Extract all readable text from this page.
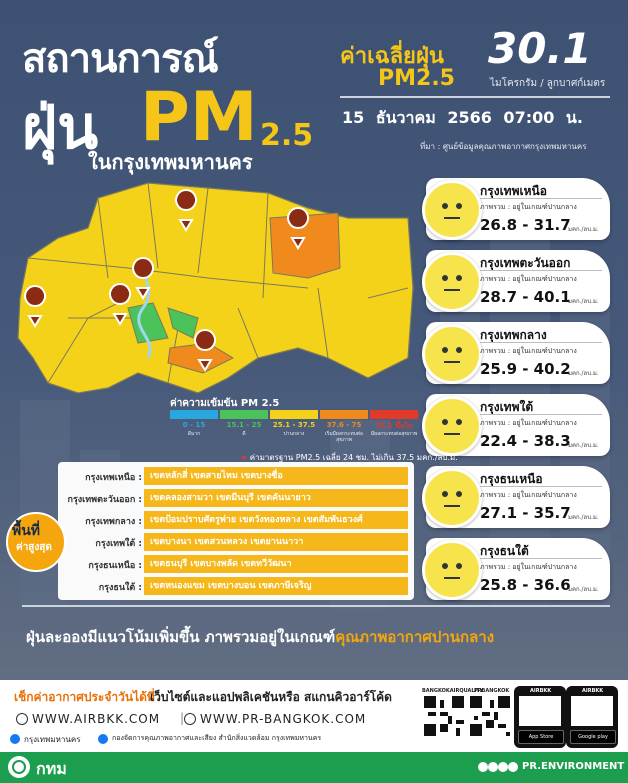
สถานการณ์
ฝุ่น PM 2.5
ในกรุงเทพมหานคร
ค่าเฉลี่ยฝุ่น
PM2.5
30.1
ไมโครกรัม / ลูกบาศก์เมตร
15 ธันวาคม 2566 07:00 น.
ที่มา : ศูนย์ข้อมูลคุณภาพอากาศกรุงเทพมหานคร
กรุงเทพเหนือ
ภาพรวม : อยู่ในเกณฑ์ปานกลาง
26.8 - 31.7
มคก./ลบ.ม.
กรุงเทพตะวันออก
ภาพรวม : อยู่ในเกณฑ์ปานกลาง
28.7 - 40.1
มคก./ลบ.ม.
กรุงเทพกลาง
ภาพรวม : อยู่ในเกณฑ์ปานกลาง
25.9 - 40.2
มคก./ลบ.ม.
กรุงเทพใต้
ภาพรวม : อยู่ในเกณฑ์ปานกลาง
22.4 - 38.3
มคก./ลบ.ม.
กรุงธนเหนือ
ภาพรวม : อยู่ในเกณฑ์ปานกลาง
27.1 - 35.7
มคก./ลบ.ม.
กรุงธนใต้
ภาพรวม : อยู่ในเกณฑ์ปานกลาง
25.8 - 36.6
มคก./ลบ.ม.
ค่าความเข้มข้น PM 2.5
0 - 15
ดีมาก
15.1 - 25
ดี
25.1 - 37.5
ปานกลาง
37.6 - 75
เริ่มมีผลกระทบต่อสุขภาพ
75.1 ขึ้นไป
มีผลกระทบต่อสุขภาพ
★ ค่ามาตรฐาน PM2.5 เฉลี่ย 24 ชม. ไม่เกิน 37.5 มคก./ลบ.ม.
กรุงเทพเหนือ : เขตหลักสี่ เขตสายไหม เขตบางซื่อ
กรุงเทพตะวันออก : เขตคลองสามวา เขตมีนบุรี เขตคันนายาว
กรุงเทพกลาง : เขตป้อมปราบศัตรูพ่าย เขตวังทองหลาง เขตสัมพันธวงศ์
กรุงเทพใต้ : เขตบางนา เขตสวนหลวง เขตยานนาวา
กรุงธนเหนือ : เขตธนบุรี เขตบางพลัด เขตทวีวัฒนา
กรุงธนใต้ : เขตหนองแขม เขตบางบอน เขตภาษีเจริญ
พื้นที่
ค่าสูงสุด
ฝุ่นละอองมีแนวโน้มเพิ่มขึ้น ภาพรวมอยู่ในเกณฑ์คุณภาพอากาศปานกลาง
เช็กค่าอากาศประจำวันได้ที่
เว็บไซต์และแอปพลิเคชันหรือ สแกนคิวอาร์โค้ด
WWW.AIRBKK.COM | WWW.PR-BANGKOK.COM
กรุงเทพมหานคร	กองจัดการคุณภาพอากาศและเสียง สำนักสิ่งแวดล้อม กรุงเทพมหานคร
BANGKOKAIRQUALITY
PRBANGKOK	AIRBKK
App Store
AIRBKK
Google play
กทม	PR.ENVIRONMENT
